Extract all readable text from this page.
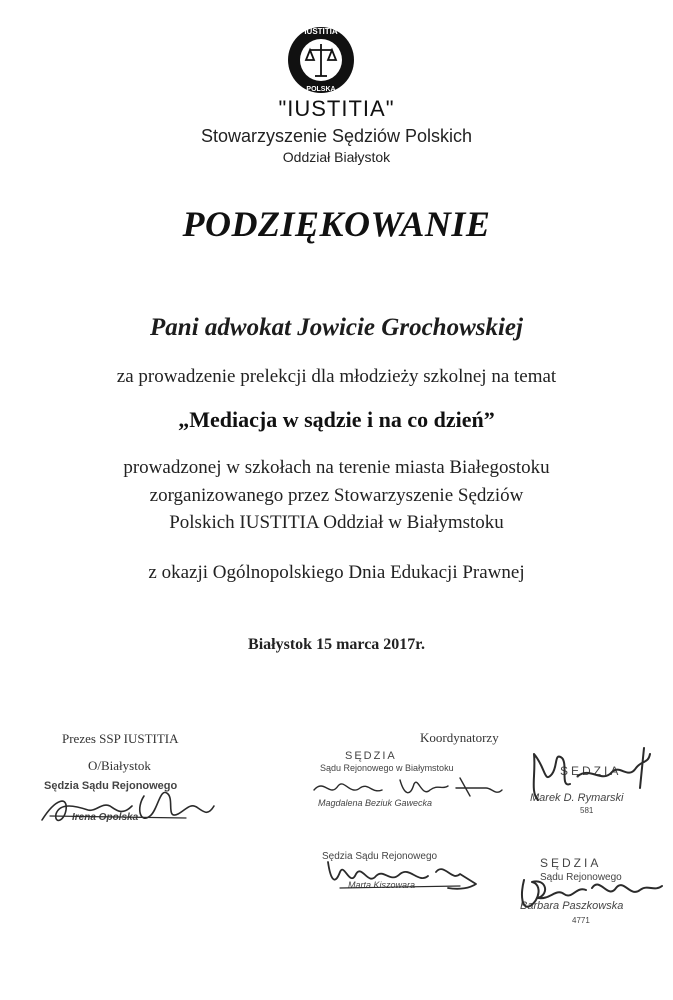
IUSTITIA
POLSKA
"IUSTITIA"
Stowarzyszenie Sędziów Polskich
Oddział Białystok
PODZIĘKOWANIE
Pani adwokat Jowicie Grochowskiej
za prowadzenie prelekcji dla młodzieży szkolnej na temat
„Mediacja w sądzie i na co dzień”
prowadzonej w szkołach na terenie miasta Białegostoku
zorganizowanego przez Stowarzyszenie Sędziów
Polskich IUSTITIA Oddział w Białymstoku
z okazji Ogólnopolskiego Dnia Edukacji Prawnej
Białystok 15 marca 2017r.
Prezes SSP IUSTITIA
O/Białystok
Sędzia Sądu Rejonowego
Irena Opolska
Koordynatorzy
SĘDZIA
Sądu Rejonowego w Białymstoku
Magdalena Beziuk Gawecka
SĘDZIA
Marek D. Rymarski
581
Sędzia Sądu Rejonowego
Marta Kiszowara
SĘDZIA
Sądu Rejonowego
Barbara Paszkowska
4771
